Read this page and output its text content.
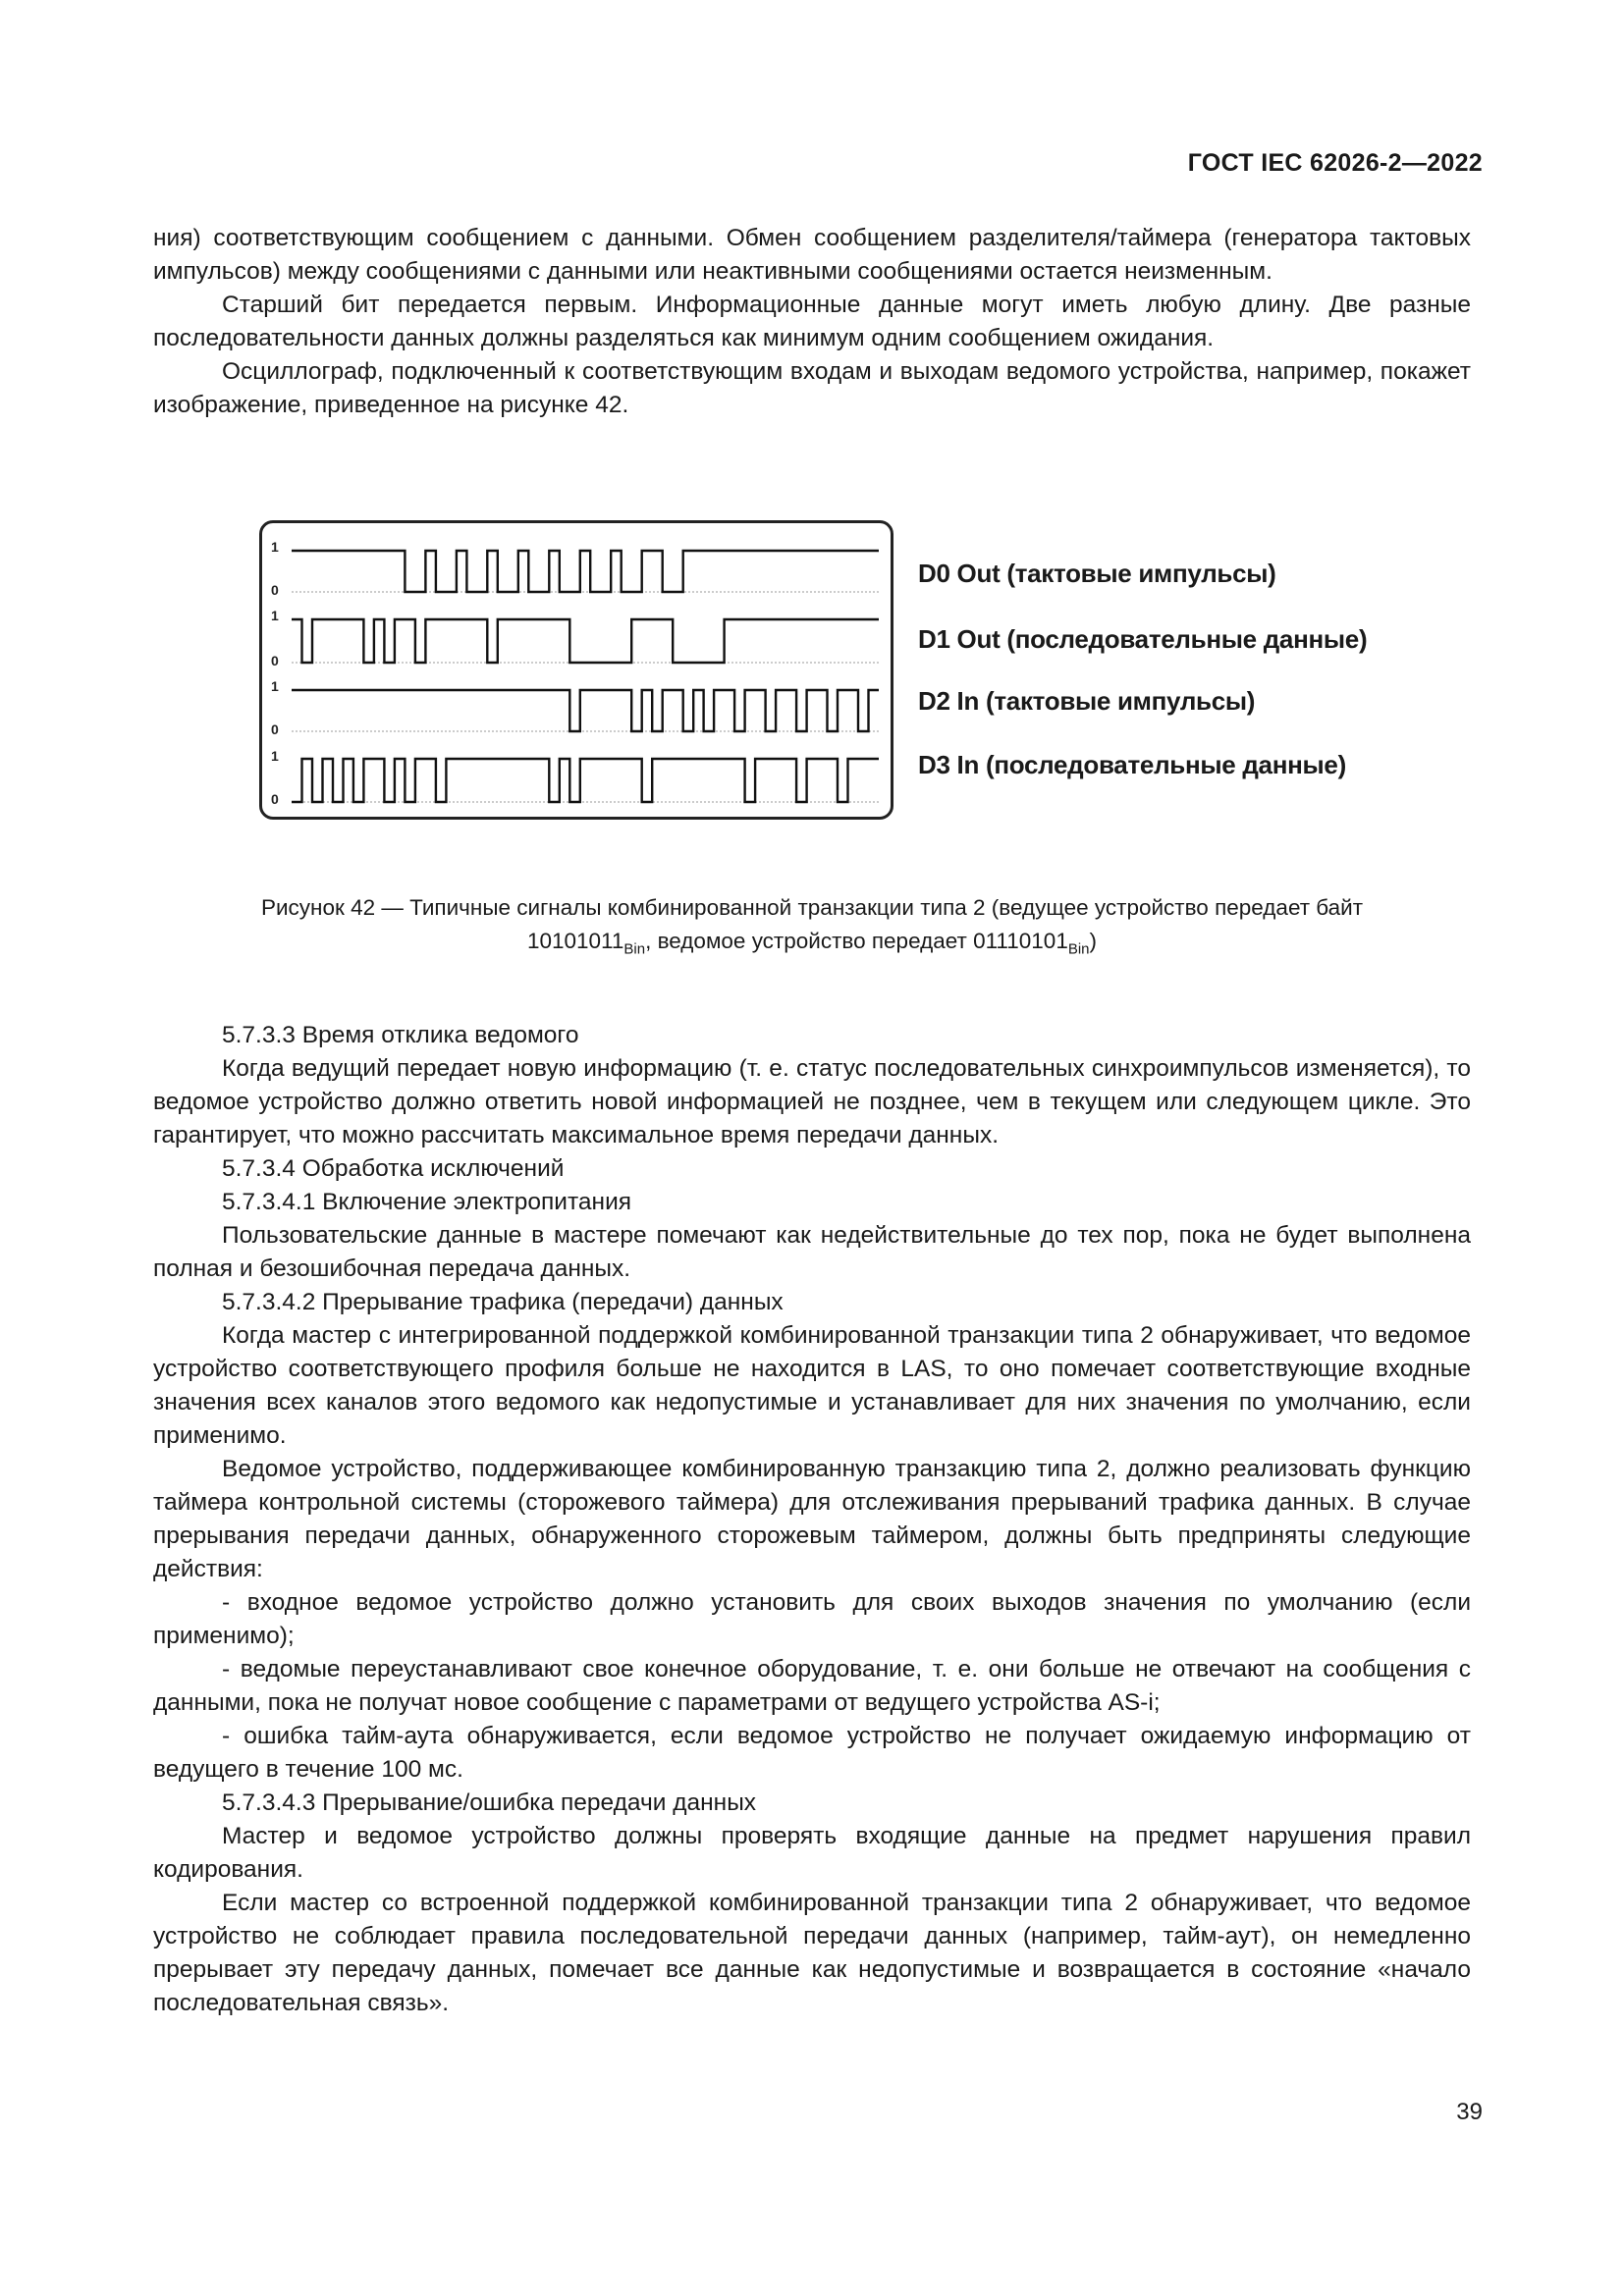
ГОСТ IEC 62026-2—2022

ния) соответствующим сообщением с данными. Обмен сообщением разделителя/таймера (генератора тактовых импульсов) между сообщениями с данными или неактивными сообщениями остается неизменным.

Старший бит передается первым. Информационные данные могут иметь любую длину. Две разные последовательности данных должны разделяться как минимум одним сообщением ожидания.

Осциллограф, подключенный к соответствующим входам и выходам ведомого устройства, например, покажет изображение, приведенное на рисунке 42.

1
0
1
0
1
0
1
0
D0 Out (тактовые импульсы)
D1 Out (последовательные данные)
D2 In (тактовые импульсы)
D3 In (последовательные данные)
Рисунок 42 — Типичные сигналы комбинированной транзакции типа 2 (ведущее устройство передает байт
$10101011_{Bin}$, ведомое устройство передает $01110101_{Bin}$)

5.7.3.3 Время отклика ведомого

Когда ведущий передает новую информацию (т. е. статус последовательных синхроимпульсов изменяется), то ведомое устройство должно ответить новой информацией не позднее, чем в текущем или следующем цикле. Это гарантирует, что можно рассчитать максимальное время передачи данных.

5.7.3.4 Обработка исключений

5.7.3.4.1 Включение электропитания

Пользовательские данные в мастере помечают как недействительные до тех пор, пока не будет выполнена полная и безошибочная передача данных.

5.7.3.4.2 Прерывание трафика (передачи) данных

Когда мастер с интегрированной поддержкой комбинированной транзакции типа 2 обнаруживает, что ведомое устройство соответствующего профиля больше не находится в LAS, то оно помечает соответствующие входные значения всех каналов этого ведомого как недопустимые и устанавливает для них значения по умолчанию, если применимо.

Ведомое устройство, поддерживающее комбинированную транзакцию типа 2, должно реализовать функцию таймера контрольной системы (сторожевого таймера) для отслеживания прерываний трафика данных. В случае прерывания передачи данных, обнаруженного сторожевым таймером, должны быть предприняты следующие действия:

- входное ведомое устройство должно установить для своих выходов значения по умолчанию (если применимо);

- ведомые переустанавливают свое конечное оборудование, т. е. они больше не отвечают на сообщения с данными, пока не получат новое сообщение с параметрами от ведущего устройства AS-i;

- ошибка тайм-аута обнаруживается, если ведомое устройство не получает ожидаемую информацию от ведущего в течение 100 мс.

5.7.3.4.3 Прерывание/ошибка передачи данных

Мастер и ведомое устройство должны проверять входящие данные на предмет нарушения правил кодирования.

Если мастер со встроенной поддержкой комбинированной транзакции типа 2 обнаруживает, что ведомое устройство не соблюдает правила последовательной передачи данных (например, тайм-аут), он немедленно прерывает эту передачу данных, помечает все данные как недопустимые и возвращается в состояние «начало последовательная связь».

39
